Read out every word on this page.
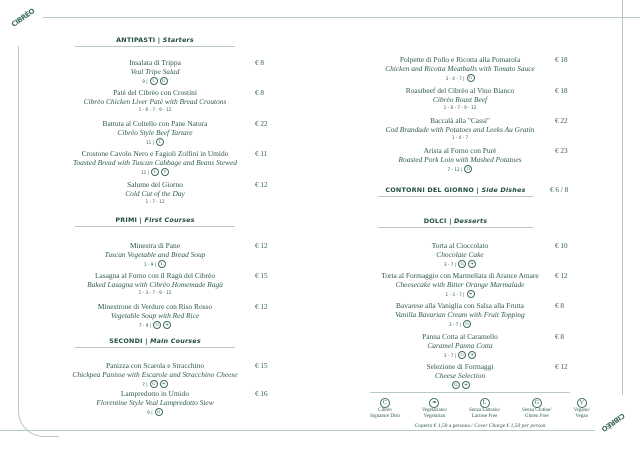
CIBRÈO
CIBRÈO
ANTIPASTI | Starters
PRIMI | First Courses
SECONDI | Main Courses
CONTORNI DEL GIORNO | Side Dishes	€ 6 / 8
DOLCI | Desserts
Insalata di Trippa
Veal Tripe Salad
9 |	L	G
€ 8
Patè del Cibrèo con Crostini
Cibrèo Chicken Liver Patè with Bread Croutons
1 - 6 - 7 - 9 - 12
€ 8
Battuta al Coltello con Pane Natura
Cibrèo Style Beef Tartare
11 |	L
€ 22
Crostone Cavolo Nero e Fagioli Zolfini in Umido
Toasted Bread with Tuscan Cabbage and Beans Stewed
11 |	L	V
€ 11
Salume del Giorno
Cold Cut of the Day
1 - 7 - 12
€ 12
Minestra di Pane
Tuscan Vegetable and Bread Soup
1 - 9 |	L
€ 12
Lasagna al Forno con il Ragù del Cibrèo
Baked Lasagna with Cibrèo Homemade Ragù
1 - 3 - 7 - 9 - 12
€ 15
Minestrone di Verdure con Riso Rosso
Vegetable Soup with Red Rice
7 - 9 | G	❧
€ 12
Panizza con Scarola e Stracchino
Chickpea Panisse with Escarole and Stracchino Cheese
7 | G	❧
€ 15
Lampredotto in Umido
Florentine Style Veal Lampredotto Stew
9 | G
€ 16
Polpette di Pollo e Ricotta alla Pomarola
Chicken and Ricotta Meatballs with Tomato Sauce
3 - 4 - 7 | G
€ 18
Roastbeef del Cibrèo al Vino Bianco
Cibrèo Roast Beef
1 - 6 - 7 - 9 - 12
€ 18
Baccalà alla "Cassi"
Cod Brandade with Potatoes and Leeks Au Gratin
1 - 4 - 7
€ 22
Arista al Forno con Purè
Roasted Pork Loin with Mashed Potatoes
7 - 12 | G
€ 23
Torta al Cioccolato
Chocolate Cake
3 - 7 | G	❧
€ 10
Torta al Formaggio con Marmellata di Arance Amare
Cheesecake with Bitter Orange Marmalade
1 - 3 - 7 | ❧
€ 12
Bavarese alla Vaniglia con Salsa alla Frutta
Vanilla Bavarian Cream with Fruit Topping
3 - 7 | G
€ 8
Panna Cotta al Caramello
Caramel Panna Cotta
3 - 7 | G	❧
€ 8
Selezione di Formaggi
Cheese Selection
G	❧
€ 12
C
Cibrèo
Signature Dish
❧
Vegetariano/
Vegetarian
L
Senza Lattosio/
Lactose Free
G
Senza Glutine/
Gluten Free
V
Vegano/
Vegan
Coperto € 1,50 a persona / Cover Charge € 1,50 per person
